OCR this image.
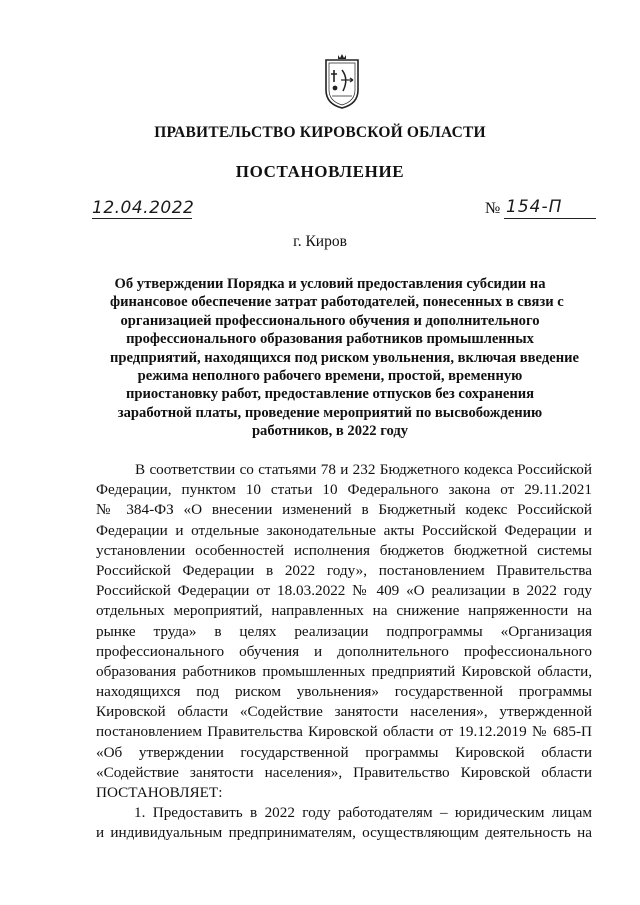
ПРАВИТЕЛЬСТВО КИРОВСКОЙ ОБЛАСТИ
ПОСТАНОВЛЕНИЕ
12.04.2022	№ 154-П
г. Киров
Об утверждении Порядка и условий предоставления субсидии на
финансовое обеспечение затрат работодателей, понесенных в связи с
организацией профессионального обучения и дополнительного
профессионального образования работников промышленных
предприятий, находящихся под риском увольнения, включая введение
режима неполного рабочего времени, простой, временную
приостановку работ, предоставление отпусков без сохранения
заработной платы, проведение мероприятий по высвобождению
работников, в 2022 году
В соответствии со статьями 78 и 232 Бюджетного кодекса Российской
Федерации, пунктом 10 статьи 10 Федерального закона от 29.11.2021
№ 384-ФЗ «О внесении изменений в Бюджетный кодекс Российской
Федерации и отдельные законодательные акты Российской Федерации и
установлении особенностей исполнения бюджетов бюджетной системы
Российской Федерации в 2022 году», постановлением Правительства
Российской Федерации от 18.03.2022 № 409 «О реализации в 2022 году
отдельных мероприятий, направленных на снижение напряженности на
рынке труда» в целях реализации подпрограммы «Организация
профессионального обучения и дополнительного профессионального
образования работников промышленных предприятий Кировской области,
находящихся под риском увольнения» государственной программы
Кировской области «Содействие занятости населения», утвержденной
постановлением Правительства Кировской области от 19.12.2019 № 685-П
«Об утверждении государственной программы Кировской области
«Содействие занятости населения», Правительство Кировской области
ПОСТАНОВЛЯЕТ:
1. Предоставить в 2022 году работодателям – юридическим лицам
и индивидуальным предпринимателям, осуществляющим деятельность на
